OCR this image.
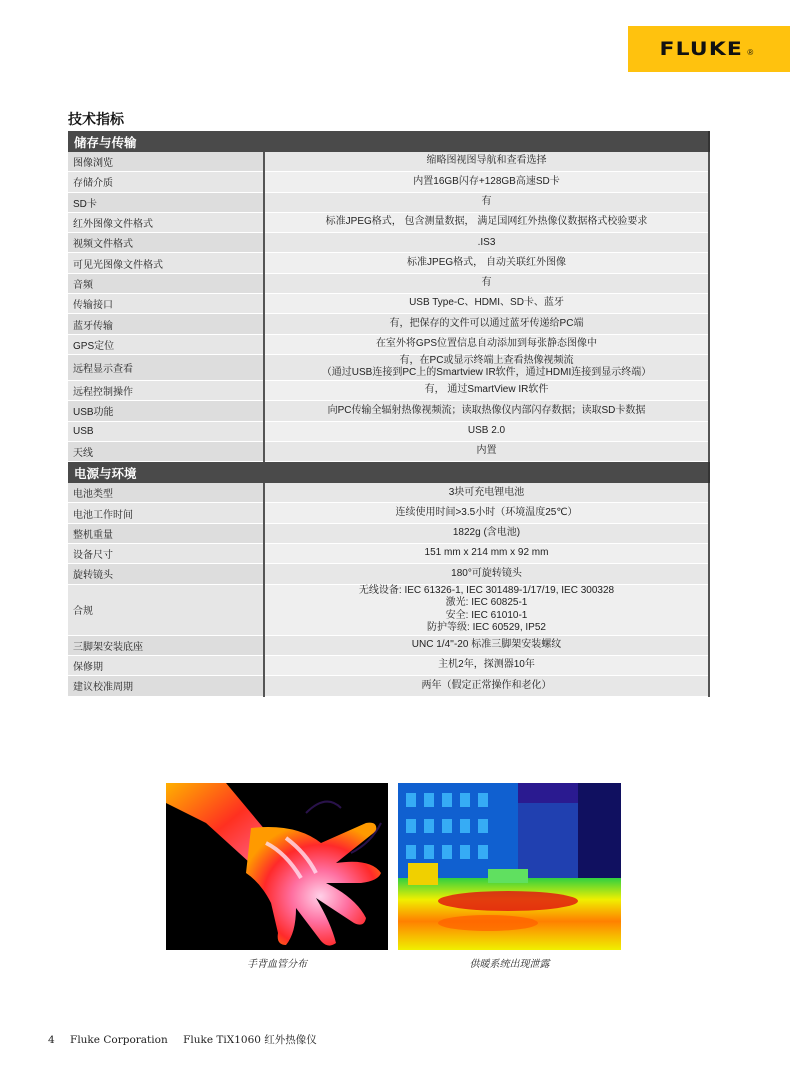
FLUKE ®
技术指标
储存与传输	
图像浏览	缩略图视图导航和查看选择

存储介质	内置16GB闪存+128GB高速SD卡

SD卡	有

红外图像文件格式	标准JPEG格式， 包含测量数据， 满足国网红外热像仪数据格式校验要求

视频文件格式	.IS3

可见光图像文件格式	标准JPEG格式， 自动关联红外图像

音频	有

传输接口	USB Type-C、HDMI、SD卡、蓝牙

蓝牙传输	有，把保存的文件可以通过蓝牙传递给PC端

GPS定位	在室外将GPS位置信息自动添加到每张静态图像中

远程显示查看	有，在PC或显示终端上查看热像视频流
（通过USB连接到PC上的Smartview IR软件，通过HDMI连接到显示终端）

远程控制操作	有， 通过SmartView IR软件

USB功能	向PC传输全辐射热像视频流；读取热像仪内部闪存数据；读取SD卡数据

USB	USB 2.0

天线	内置

电源与环境	
电池类型	3块可充电锂电池

电池工作时间	连续使用时间>3.5小时（环境温度25℃）

整机重量	1822g (含电池)

设备尺寸	151 mm x 214 mm x 92 mm

旋转镜头	180°可旋转镜头

合规	无线设备: IEC 61326-1, IEC 301489-1/17/19, IEC 300328
激光: IEC 60825-1
安全: IEC 61010-1
防护等级: IEC 60529, IP52

三脚架安装底座	UNC 1/4''-20 标准三脚架安装螺纹

保修期	主机2年，探测器10年

建议校准周期	两年（假定正常操作和老化）
手背血管分布	供暖系统出现泄露
4 Fluke Corporation Fluke TiX1060 红外热像仪
